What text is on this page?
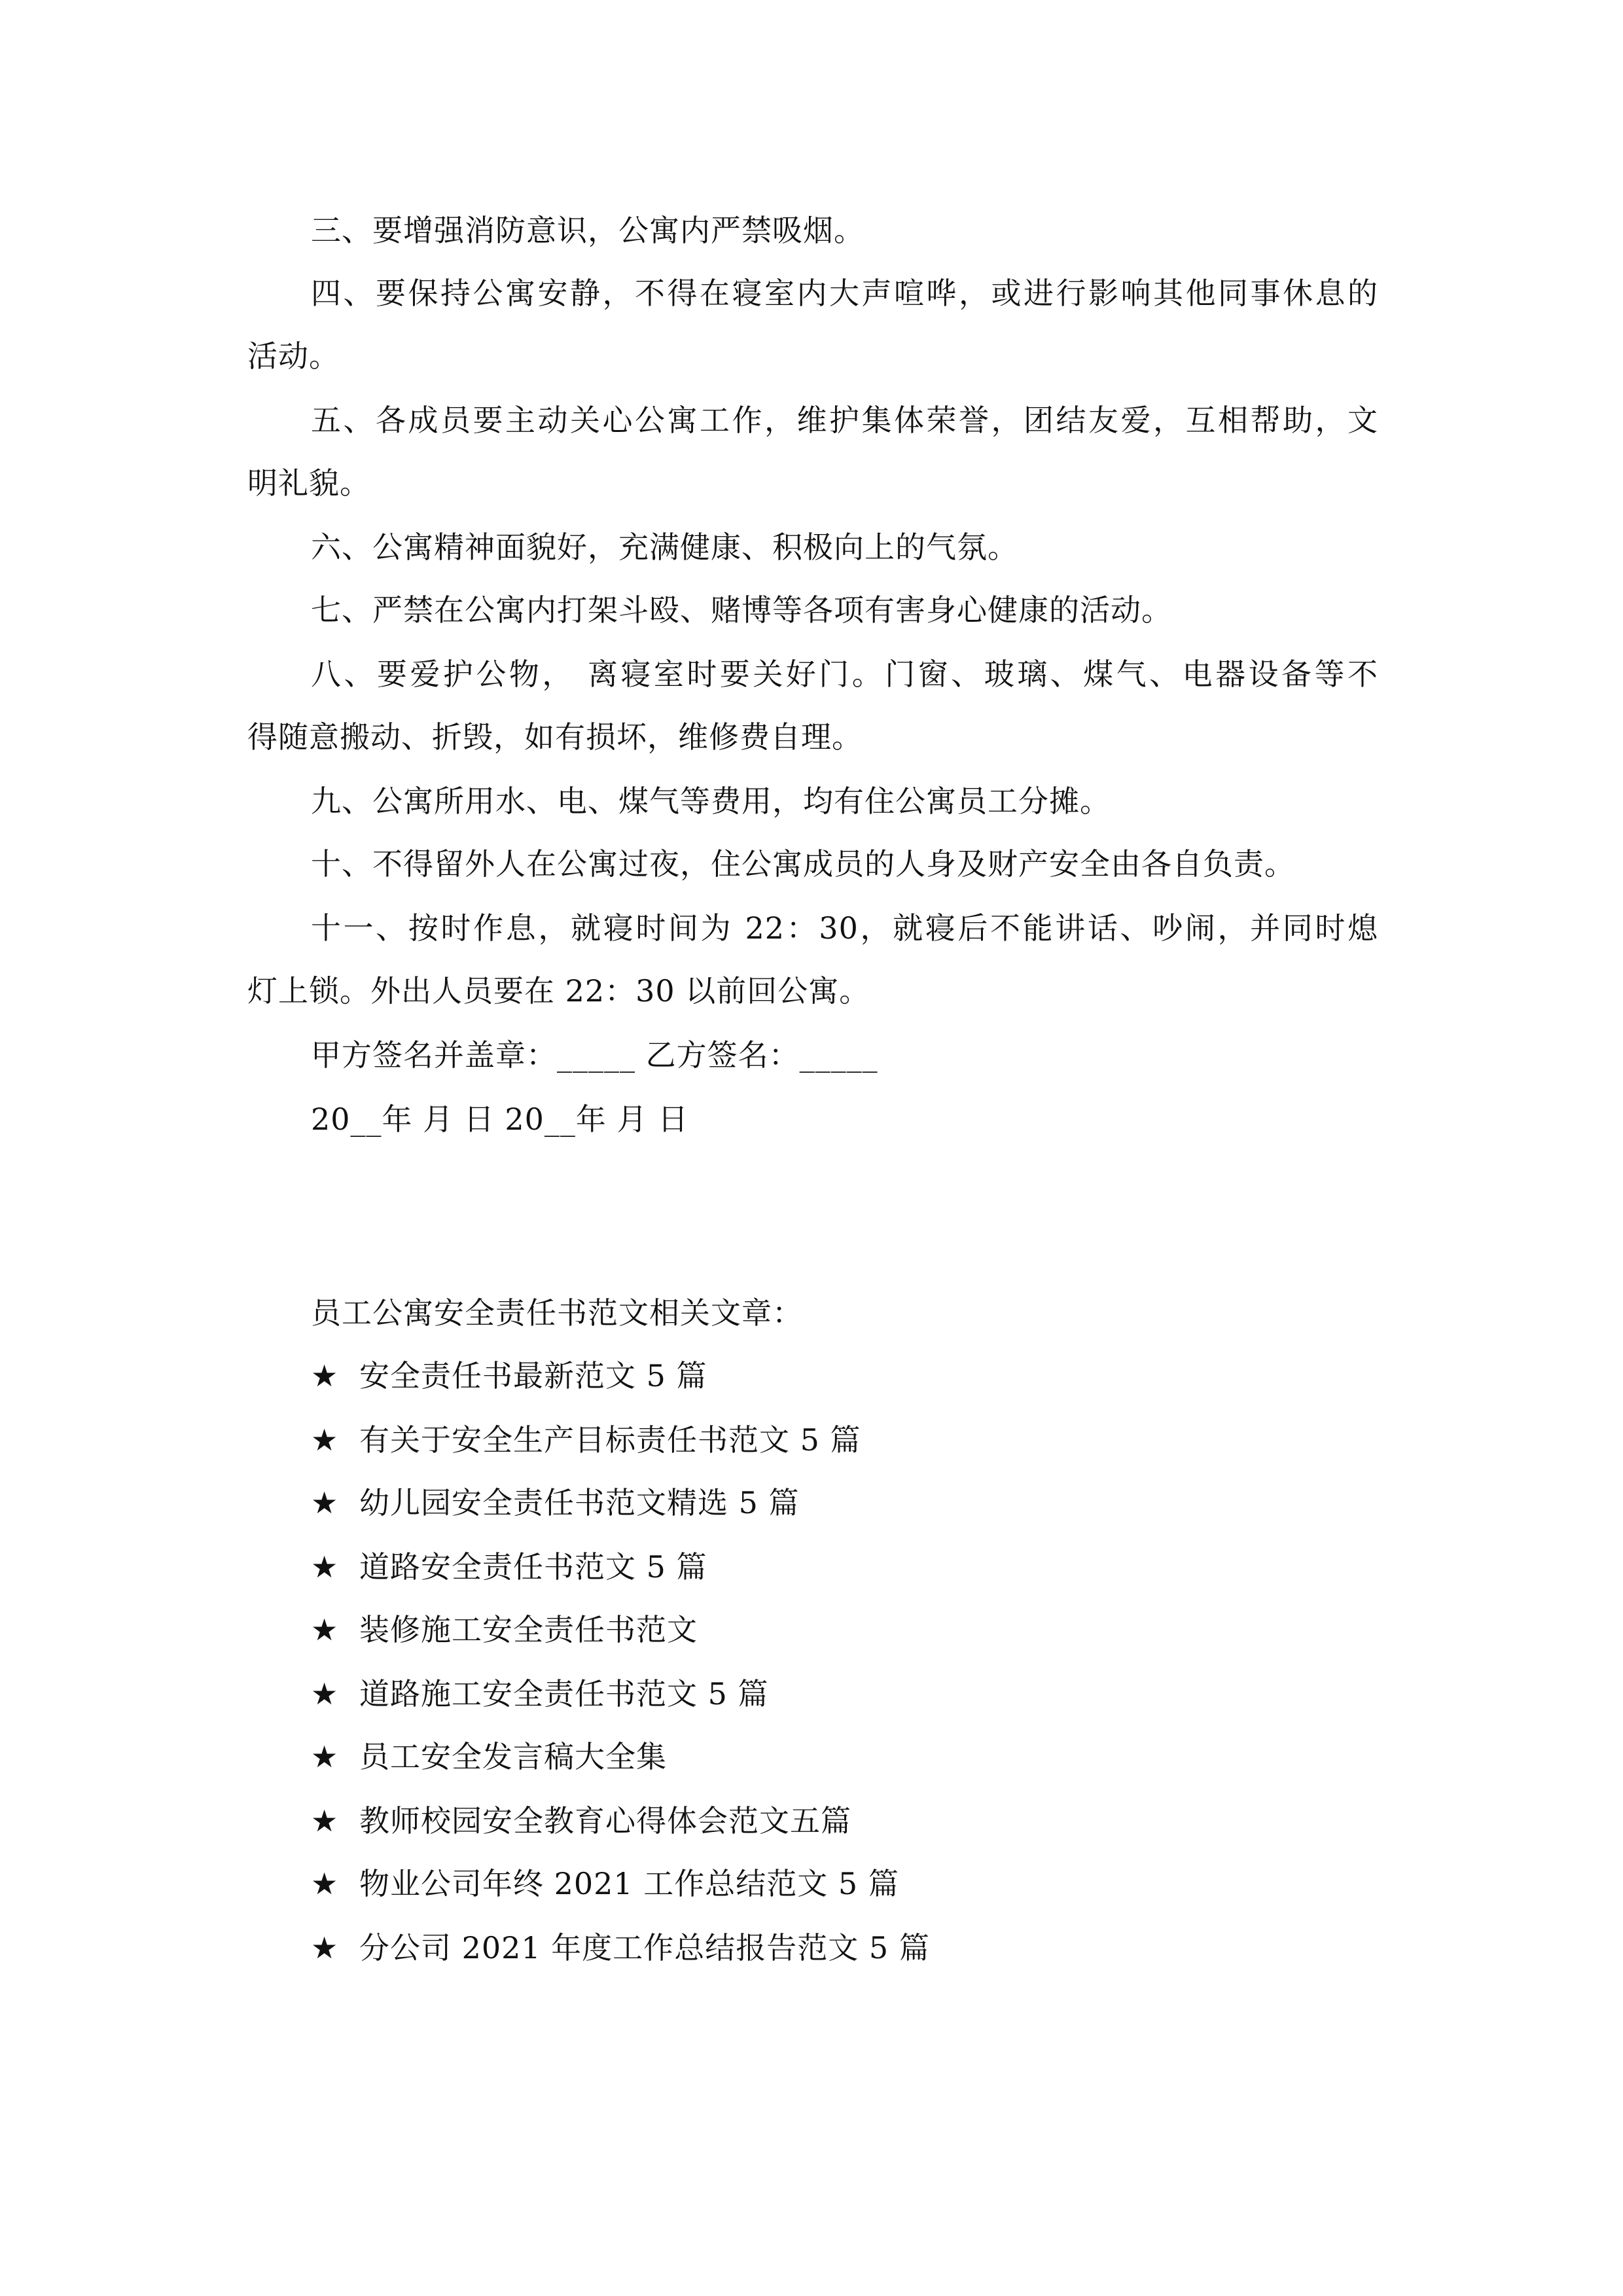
三、要增强消防意识，公寓内严禁吸烟。
四、要保持公寓安静，不得在寝室内大声喧哗，或进行影响其他同事休息的
活动。
五、各成员要主动关心公寓工作，维护集体荣誉，团结友爱，互相帮助，文
明礼貌。
六、公寓精神面貌好，充满健康、积极向上的气氛。
七、严禁在公寓内打架斗殴、赌博等各项有害身心健康的活动。
八、要爱护公物， 离寝室时要关好门。门窗、玻璃、煤气、电器设备等不
得随意搬动、折毁，如有损坏，维修费自理。
九、公寓所用水、电、煤气等费用，均有住公寓员工分摊。
十、不得留外人在公寓过夜，住公寓成员的人身及财产安全由各自负责。
十一、按时作息，就寝时间为 22：30，就寝后不能讲话、吵闹，并同时熄
灯上锁。外出人员要在 22：30 以前回公寓。
甲方签名并盖章：_____ 乙方签名：_____
20__年 月 日 20__年 月 日
员工公寓安全责任书范文相关文章：
★ 安全责任书最新范文 5 篇
★ 有关于安全生产目标责任书范文 5 篇
★ 幼儿园安全责任书范文精选 5 篇
★ 道路安全责任书范文 5 篇
★ 装修施工安全责任书范文
★ 道路施工安全责任书范文 5 篇
★ 员工安全发言稿大全集
★ 教师校园安全教育心得体会范文五篇
★ 物业公司年终 2021 工作总结范文 5 篇
★ 分公司 2021 年度工作总结报告范文 5 篇
